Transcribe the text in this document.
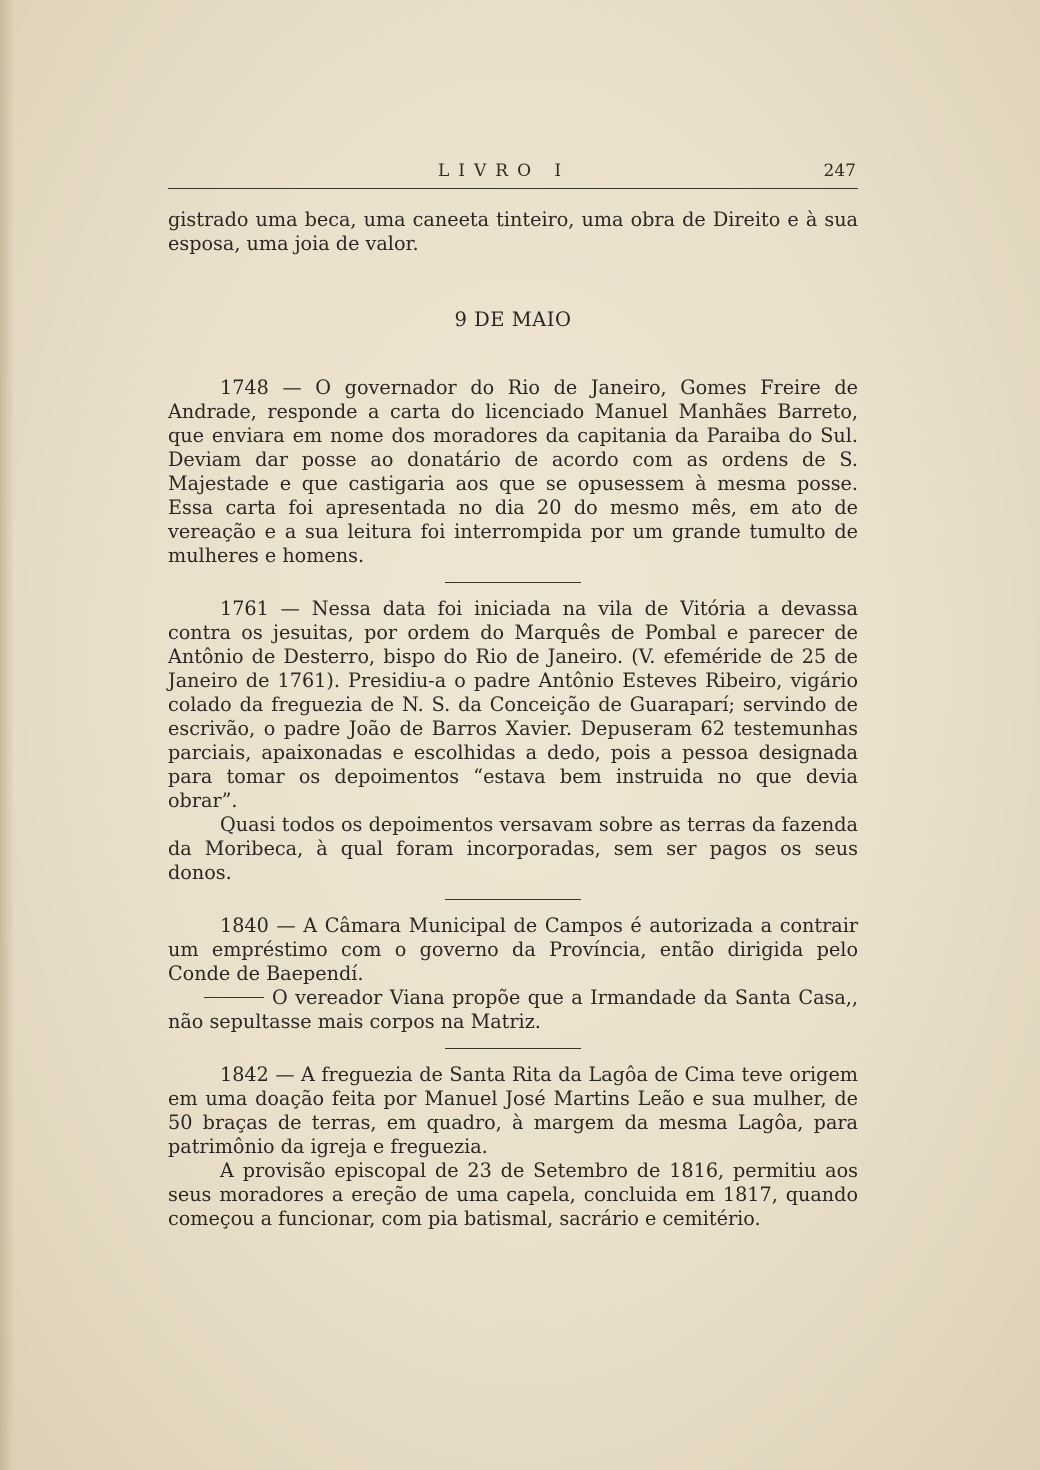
LIVRO I	247

gistrado uma beca, uma caneeta tinteiro, uma obra de Direito e à sua esposa, uma joia de valor.

9 DE MAIO

1748 — O governador do Rio de Janeiro, Gomes Freire de Andrade, responde a carta do licenciado Manuel Manhães Barreto, que enviara em nome dos moradores da capitania da Paraiba do Sul. Deviam dar posse ao donatário de acordo com as ordens de S. Majestade e que castigaria aos que se opusessem à mesma posse. Essa carta foi apresentada no dia 20 do mesmo mês, em ato de vereação e a sua leitura foi interrompida por um grande tumulto de mulheres e homens.

1761 — Nessa data foi iniciada na vila de Vitória a devassa contra os jesuitas, por ordem do Marquês de Pombal e parecer de Antônio de Desterro, bispo do Rio de Janeiro. (V. efeméride de 25 de Janeiro de 1761). Presidiu-a o padre Antônio Esteves Ribeiro, vigário colado da freguezia de N. S. da Conceição de Guaraparí; servindo de escrivão, o padre João de Barros Xavier. Depuseram 62 testemunhas parciais, apaixonadas e escolhidas a dedo, pois a pessoa designada para tomar os depoimentos “estava bem instruida no que devia obrar”.

Quasi todos os depoimentos versavam sobre as terras da fazenda da Moribeca, à qual foram incorporadas, sem ser pagos os seus donos.

1840 — A Câmara Municipal de Campos é autorizada a contrair um empréstimo com o governo da Província, então dirigida pelo Conde de Baependí.

O vereador Viana propõe que a Irmandade da Santa Casa,, não sepultasse mais corpos na Matriz.

1842 — A freguezia de Santa Rita da Lagôa de Cima teve origem em uma doação feita por Manuel José Martins Leão e sua mulher, de 50 braças de terras, em quadro, à margem da mesma Lagôa, para patrimônio da igreja e freguezia.

A provisão episcopal de 23 de Setembro de 1816, permitiu aos seus moradores a ereção de uma capela, concluida em 1817, quando começou a funcionar, com pia batismal, sacrário e cemitério.
